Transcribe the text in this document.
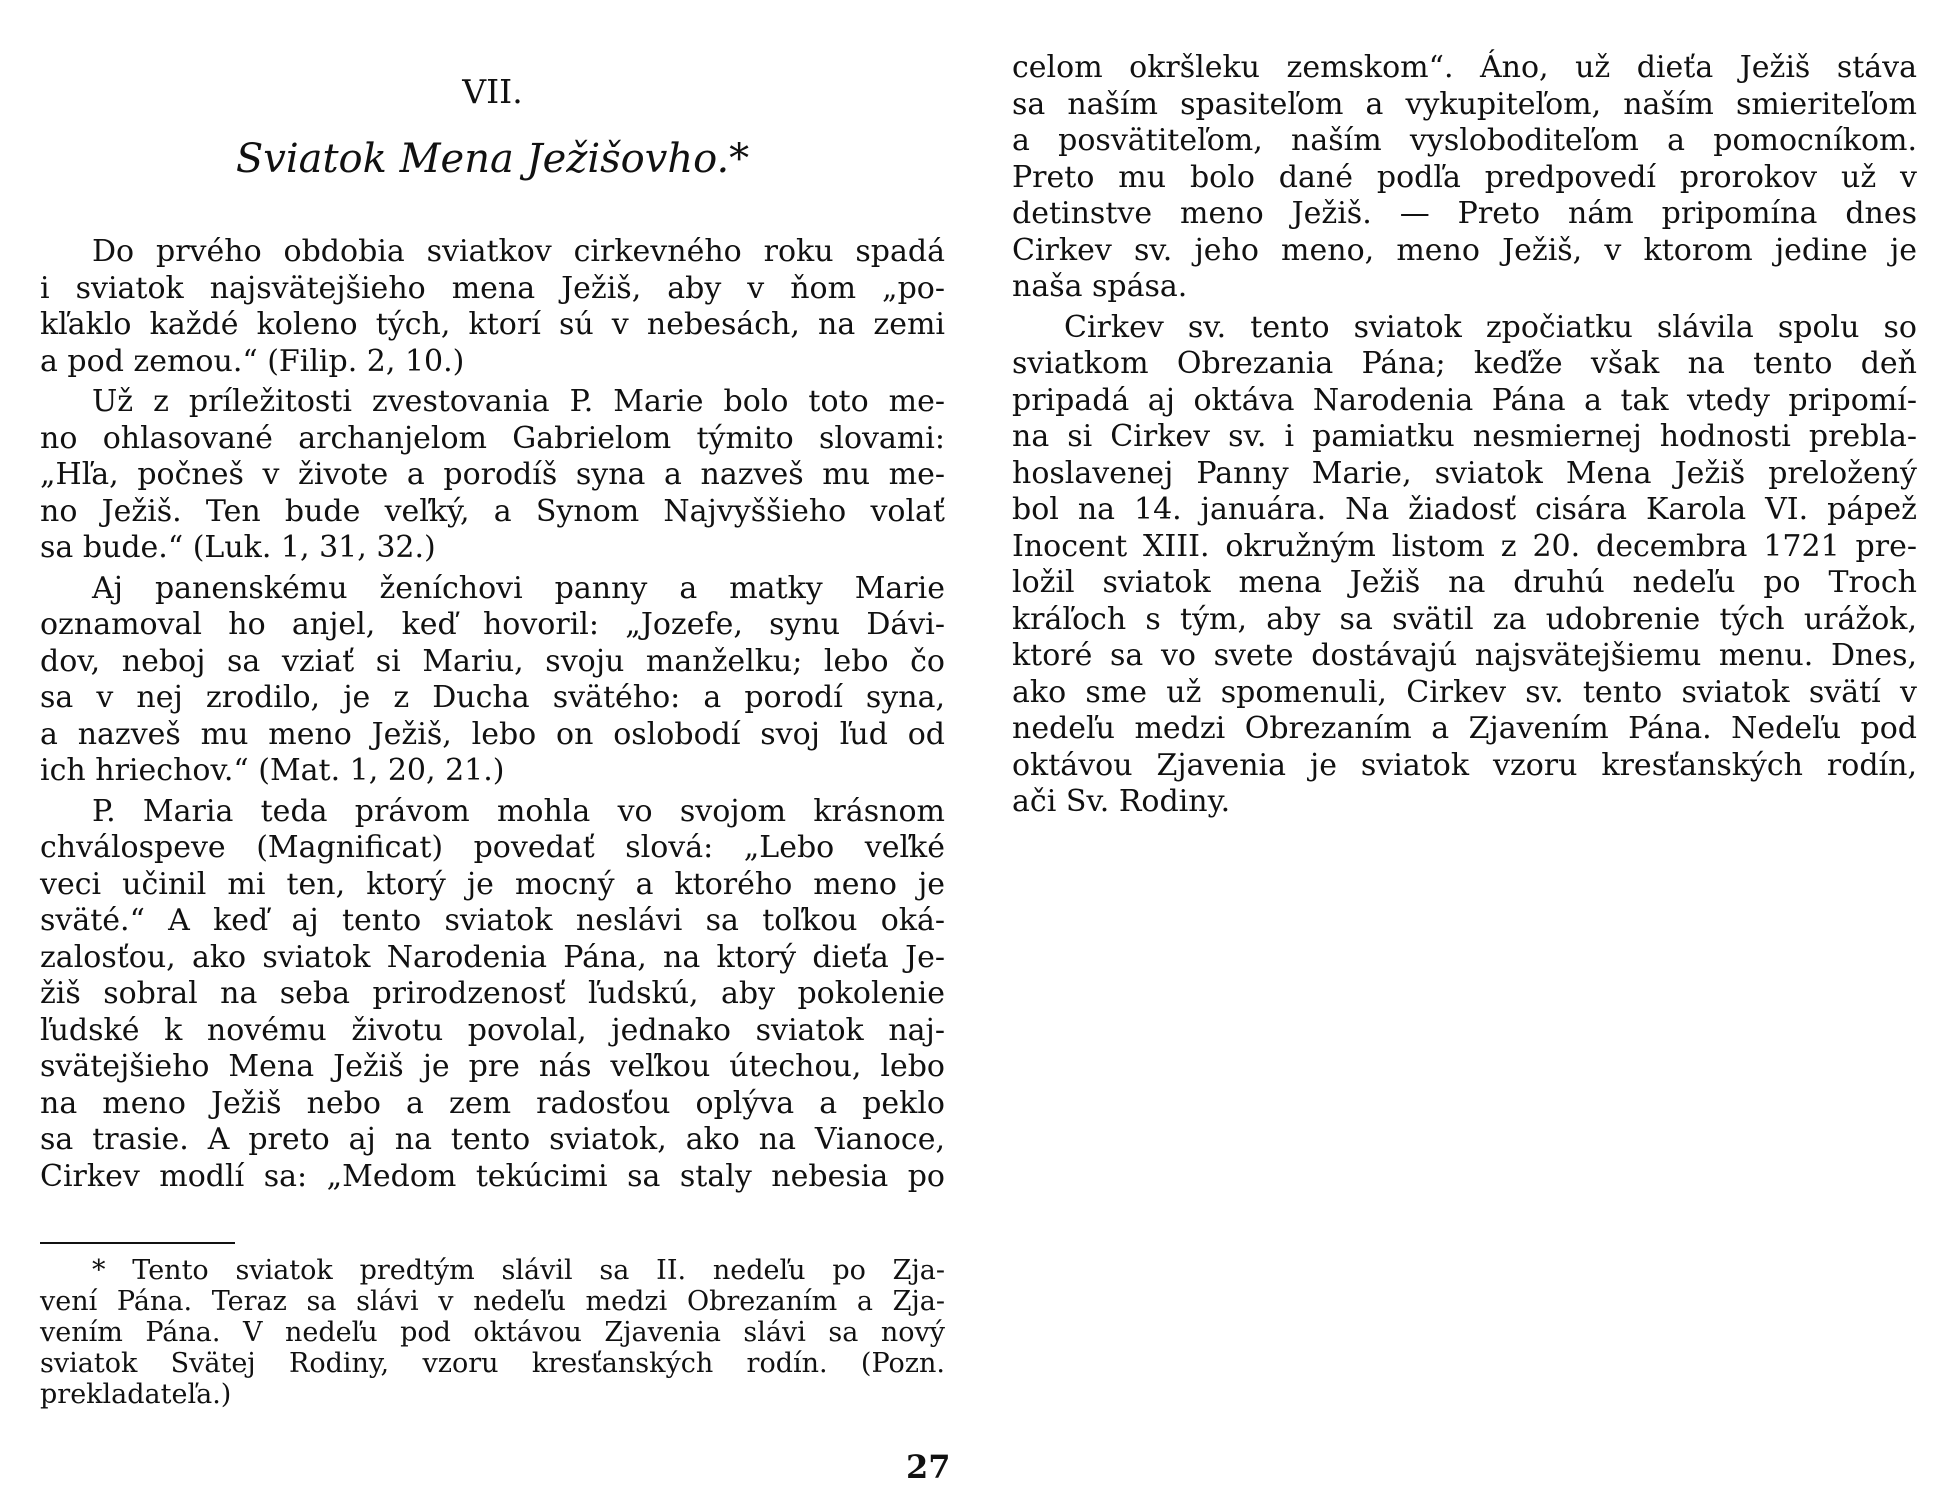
VII.
Sviatok Mena Ježišovho.*
Do prvého obdobia sviatkov cirkevného roku spadá
i sviatok najsvätejšieho mena Ježiš, aby v ňom „po-
kľaklo každé koleno tých, ktorí sú v nebesách, na zemi
a pod zemou.“ (Filip. 2, 10.)
Už z príležitosti zvestovania P. Marie bolo toto me-
no ohlasované archanjelom Gabrielom týmito slovami:
„Hľa, počneš v živote a porodíš syna a nazveš mu me-
no Ježiš. Ten bude veľký, a Synom Najvyššieho volať
sa bude.“ (Luk. 1, 31, 32.)
Aj panenskému ženíchovi panny a matky Marie
oznamoval ho anjel, keď hovoril: „Jozefe, synu Dávi-
dov, neboj sa vziať si Mariu, svoju manželku; lebo čo
sa v nej zrodilo, je z Ducha svätého: a porodí syna,
a nazveš mu meno Ježiš, lebo on oslobodí svoj ľud od
ich hriechov.“ (Mat. 1, 20, 21.)
P. Maria teda právom mohla vo svojom krásnom
chválospeve (Magnificat) povedať slová: „Lebo veľké
veci učinil mi ten, ktorý je mocný a ktorého meno je
sväté.“ A keď aj tento sviatok neslávi sa toľkou oká-
zalosťou, ako sviatok Narodenia Pána, na ktorý dieťa Je-
žiš sobral na seba prirodzenosť ľudskú, aby pokolenie
ľudské k novému životu povolal, jednako sviatok naj-
svätejšieho Mena Ježiš je pre nás veľkou útechou, lebo
na meno Ježiš nebo a zem radosťou oplýva a peklo
sa trasie. A preto aj na tento sviatok, ako na Vianoce,
Cirkev modlí sa: „Medom tekúcimi sa staly nebesia po
* Tento sviatok predtým slávil sa II. nedeľu po Zja-
vení Pána. Teraz sa slávi v nedeľu medzi Obrezaním a Zja-
vením Pána. V nedeľu pod oktávou Zjavenia slávi sa nový
sviatok Svätej Rodiny, vzoru kresťanských rodín. (Pozn.
prekladateľa.)
27
celom okršleku zemskom“. Áno, už dieťa Ježiš stáva
sa naším spasiteľom a vykupiteľom, naším smieriteľom
a posvätiteľom, naším vysloboditeľom a pomocníkom.
Preto mu bolo dané podľa predpovedí prorokov už v
detinstve meno Ježiš. — Preto nám pripomína dnes
Cirkev sv. jeho meno, meno Ježiš, v ktorom jedine je
naša spása.
Cirkev sv. tento sviatok zpočiatku slávila spolu so
sviatkom Obrezania Pána; keďže však na tento deň
pripadá aj oktáva Narodenia Pána a tak vtedy pripomí-
na si Cirkev sv. i pamiatku nesmiernej hodnosti prebla-
hoslavenej Panny Marie, sviatok Mena Ježiš preložený
bol na 14. januára. Na žiadosť cisára Karola VI. pápež
Inocent XIII. okružným listom z 20. decembra 1721 pre-
ložil sviatok mena Ježiš na druhú nedeľu po Troch
kráľoch s tým, aby sa svätil za udobrenie tých urážok,
ktoré sa vo svete dostávajú najsvätejšiemu menu. Dnes,
ako sme už spomenuli, Cirkev sv. tento sviatok svätí v
nedeľu medzi Obrezaním a Zjavením Pána. Nedeľu pod
oktávou Zjavenia je sviatok vzoru kresťanských rodín,
ači Sv. Rodiny.
